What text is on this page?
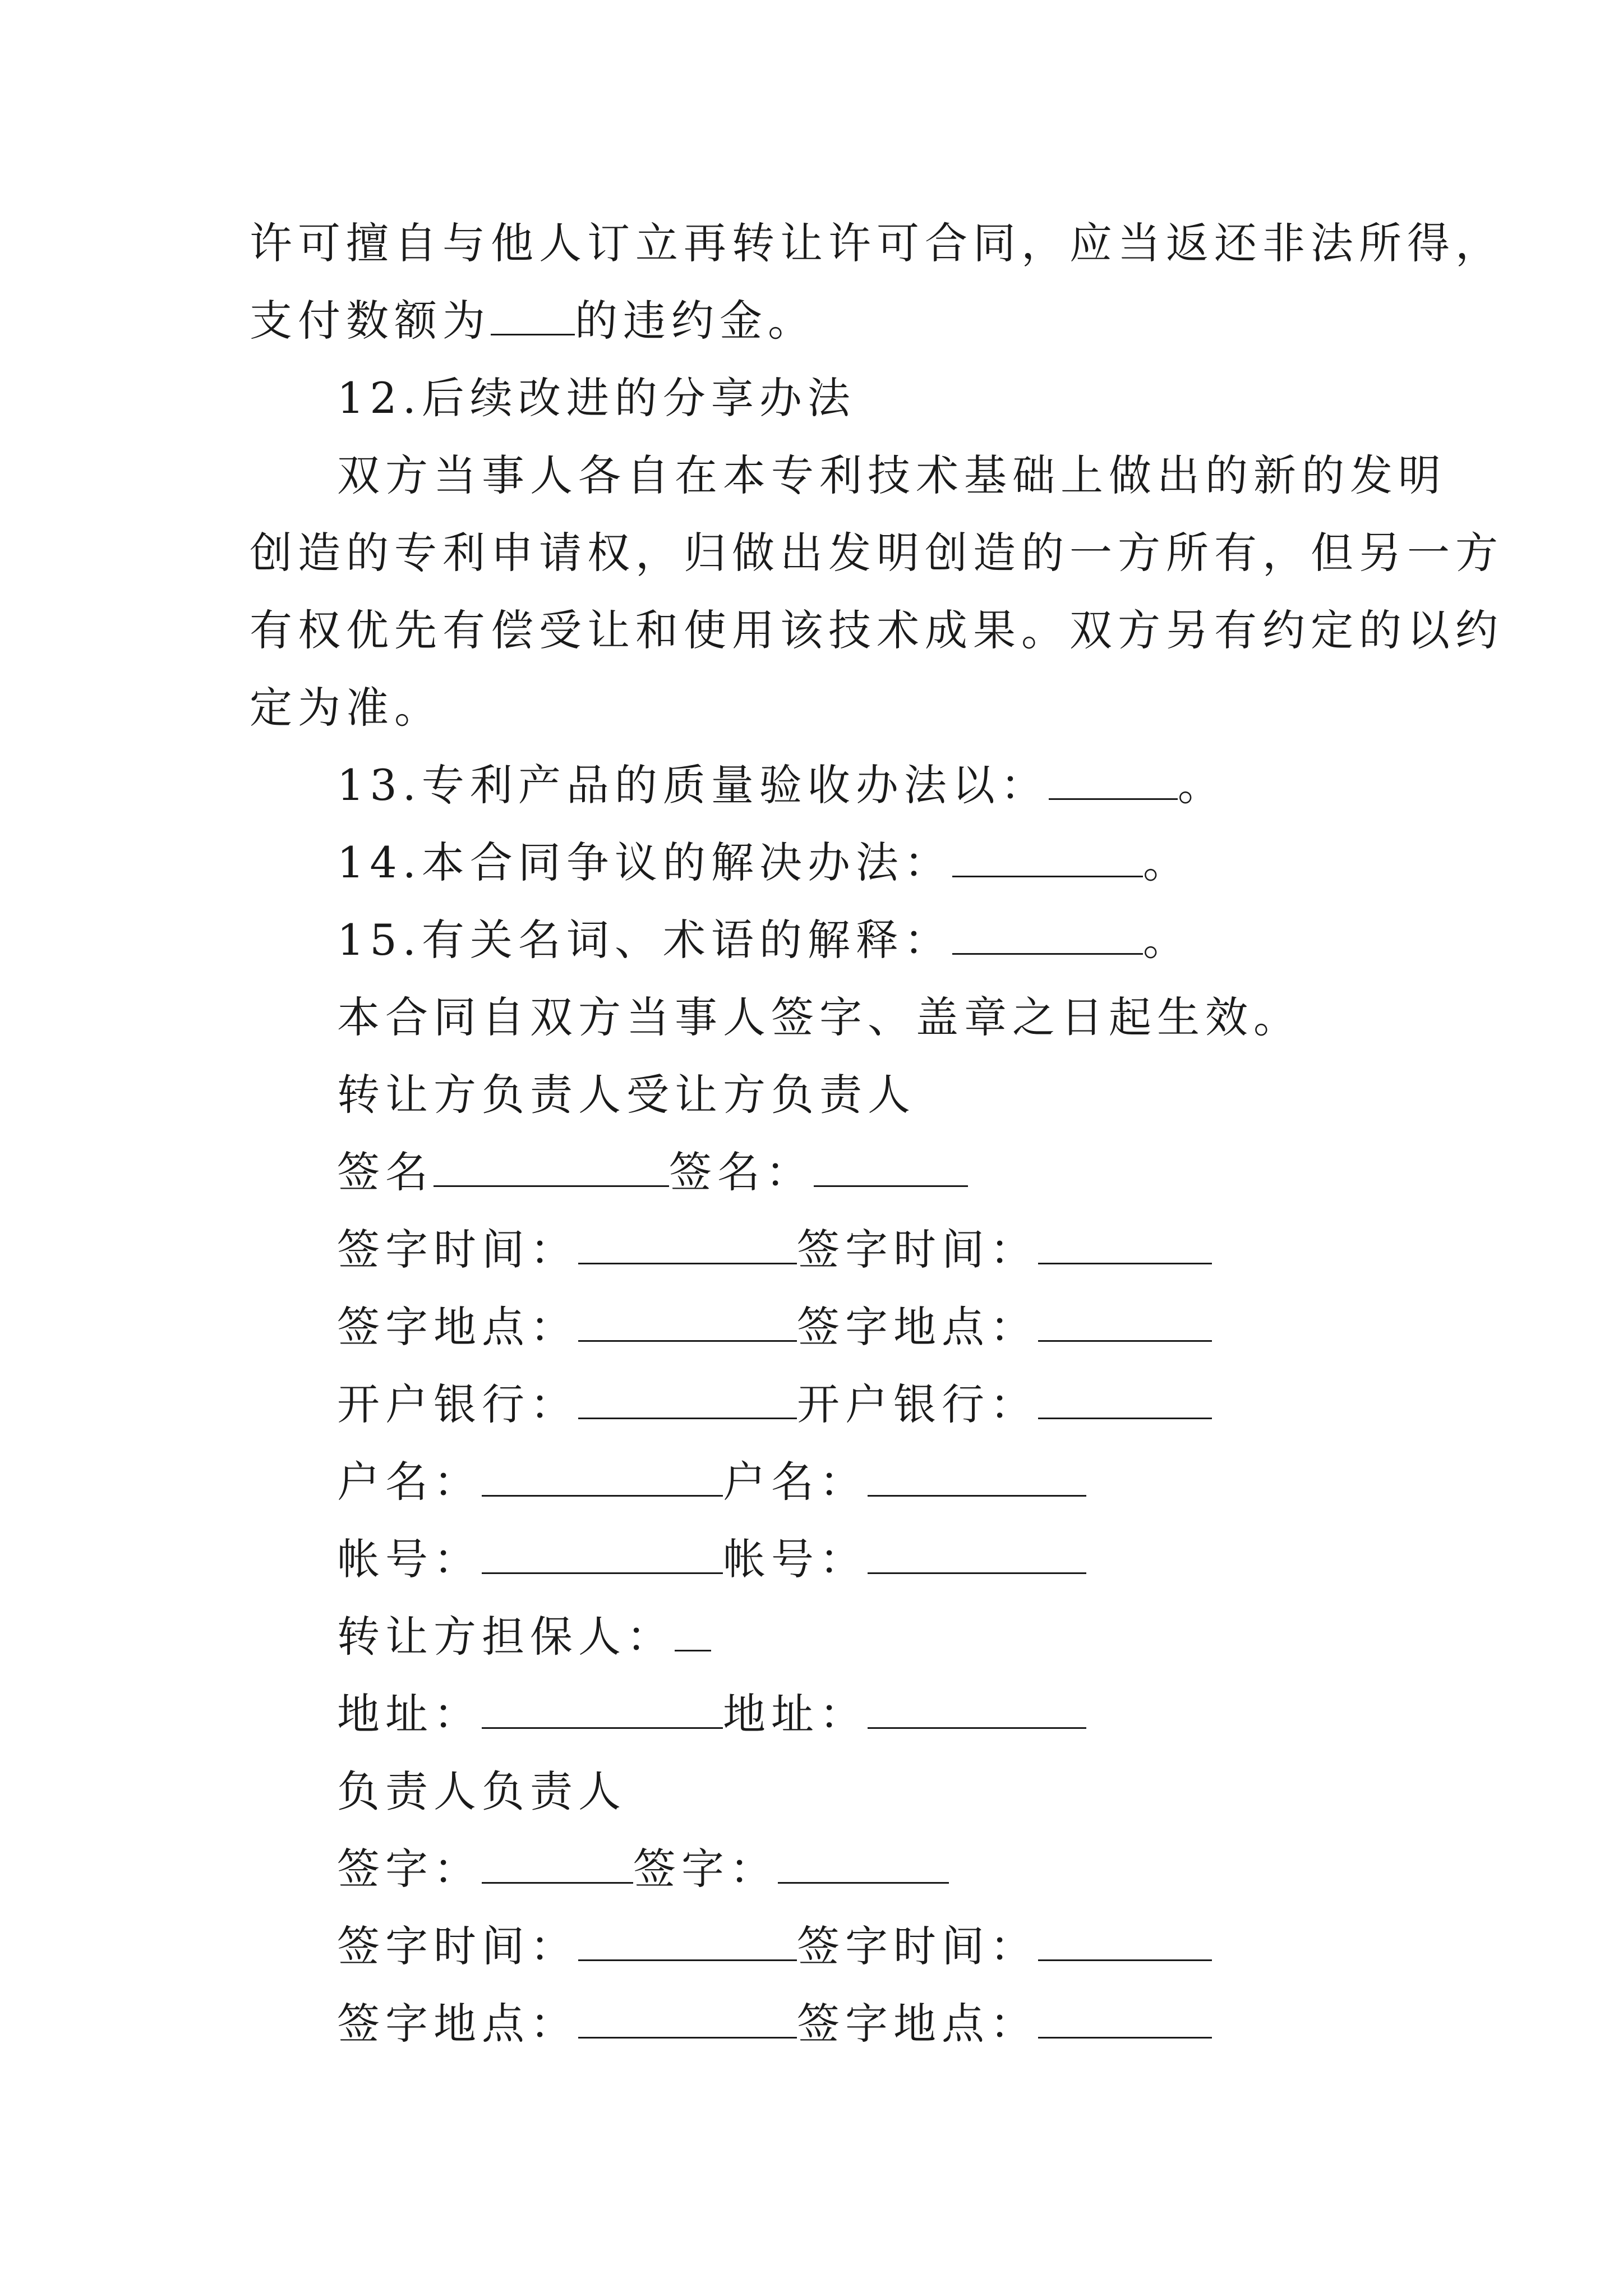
许可擅自与他人订立再转让许可合同，应当返还非法所得，
支付数额为 的违约金。
12.后续改进的分享办法
双方当事人各自在本专利技术基础上做出的新的发明
创造的专利申请权，归做出发明创造的一方所有，但另一方
有权优先有偿受让和使用该技术成果。双方另有约定的以约
定为准。
13.专利产品的质量验收办法以：	。
14.本合同争议的解决办法：	。
15.有关名词、术语的解释：	。
本合同自双方当事人签字、盖章之日起生效。
转让方负责人受让方负责人
签名	签名：
签字时间：	签字时间：
签字地点：	签字地点：
开户银行：	开户银行：
户名：	户名：
帐号：	帐号：
转让方担保人：
地址：	地址：
负责人负责人
签字：	签字：
签字时间：	签字时间：
签字地点：	签字地点：
